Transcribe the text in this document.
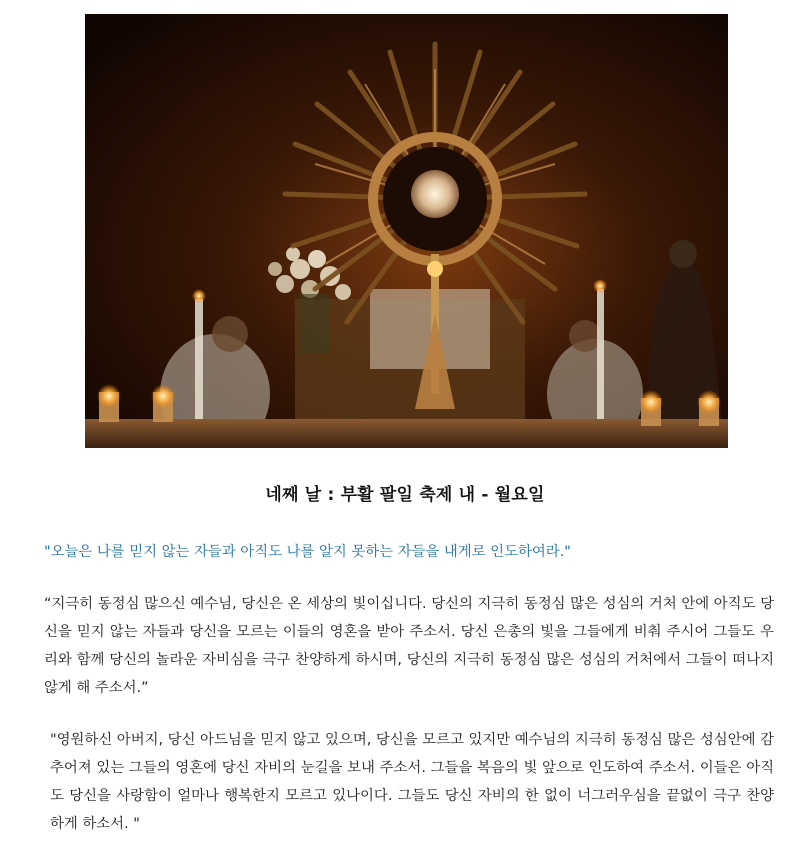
네째 날 : 부활 팔일 축제 내 - 월요일

"오늘은 나를 믿지 않는 자들과 아직도 나를 알지 못하는 자들을 내게로 인도하여라."

“지극히 동정심 많으신 예수님, 당신은 온 세상의 빛이십니다. 당신의 지극히 동정심 많은 성심의 거처 안에 아직도 당신을 믿지 않는 자들과 당신을 모르는 이들의 영혼을 받아 주소서. 당신 은총의 빛을 그들에게 비춰 주시어 그들도 우리와 함께 당신의 놀라운 자비심을 극구 찬양하게 하시며, 당신의 지극히 동정심 많은 성심의 거처에서 그들이 떠나지 않게 해 주소서.”

"영원하신 아버지, 당신 아드님을 믿지 않고 있으며, 당신을 모르고 있지만 예수님의 지극히 동정심 많은 성심안에 감추어져 있는 그들의 영혼에 당신 자비의 눈길을 보내 주소서. 그들을 복음의 빛 앞으로 인도하여 주소서. 이들은 아직도 당신을 사랑함이 얼마나 행복한지 모르고 있나이다. 그들도 당신 자비의 한 없이 너그러우심을 끝없이 극구 찬양하게 하소서. "
